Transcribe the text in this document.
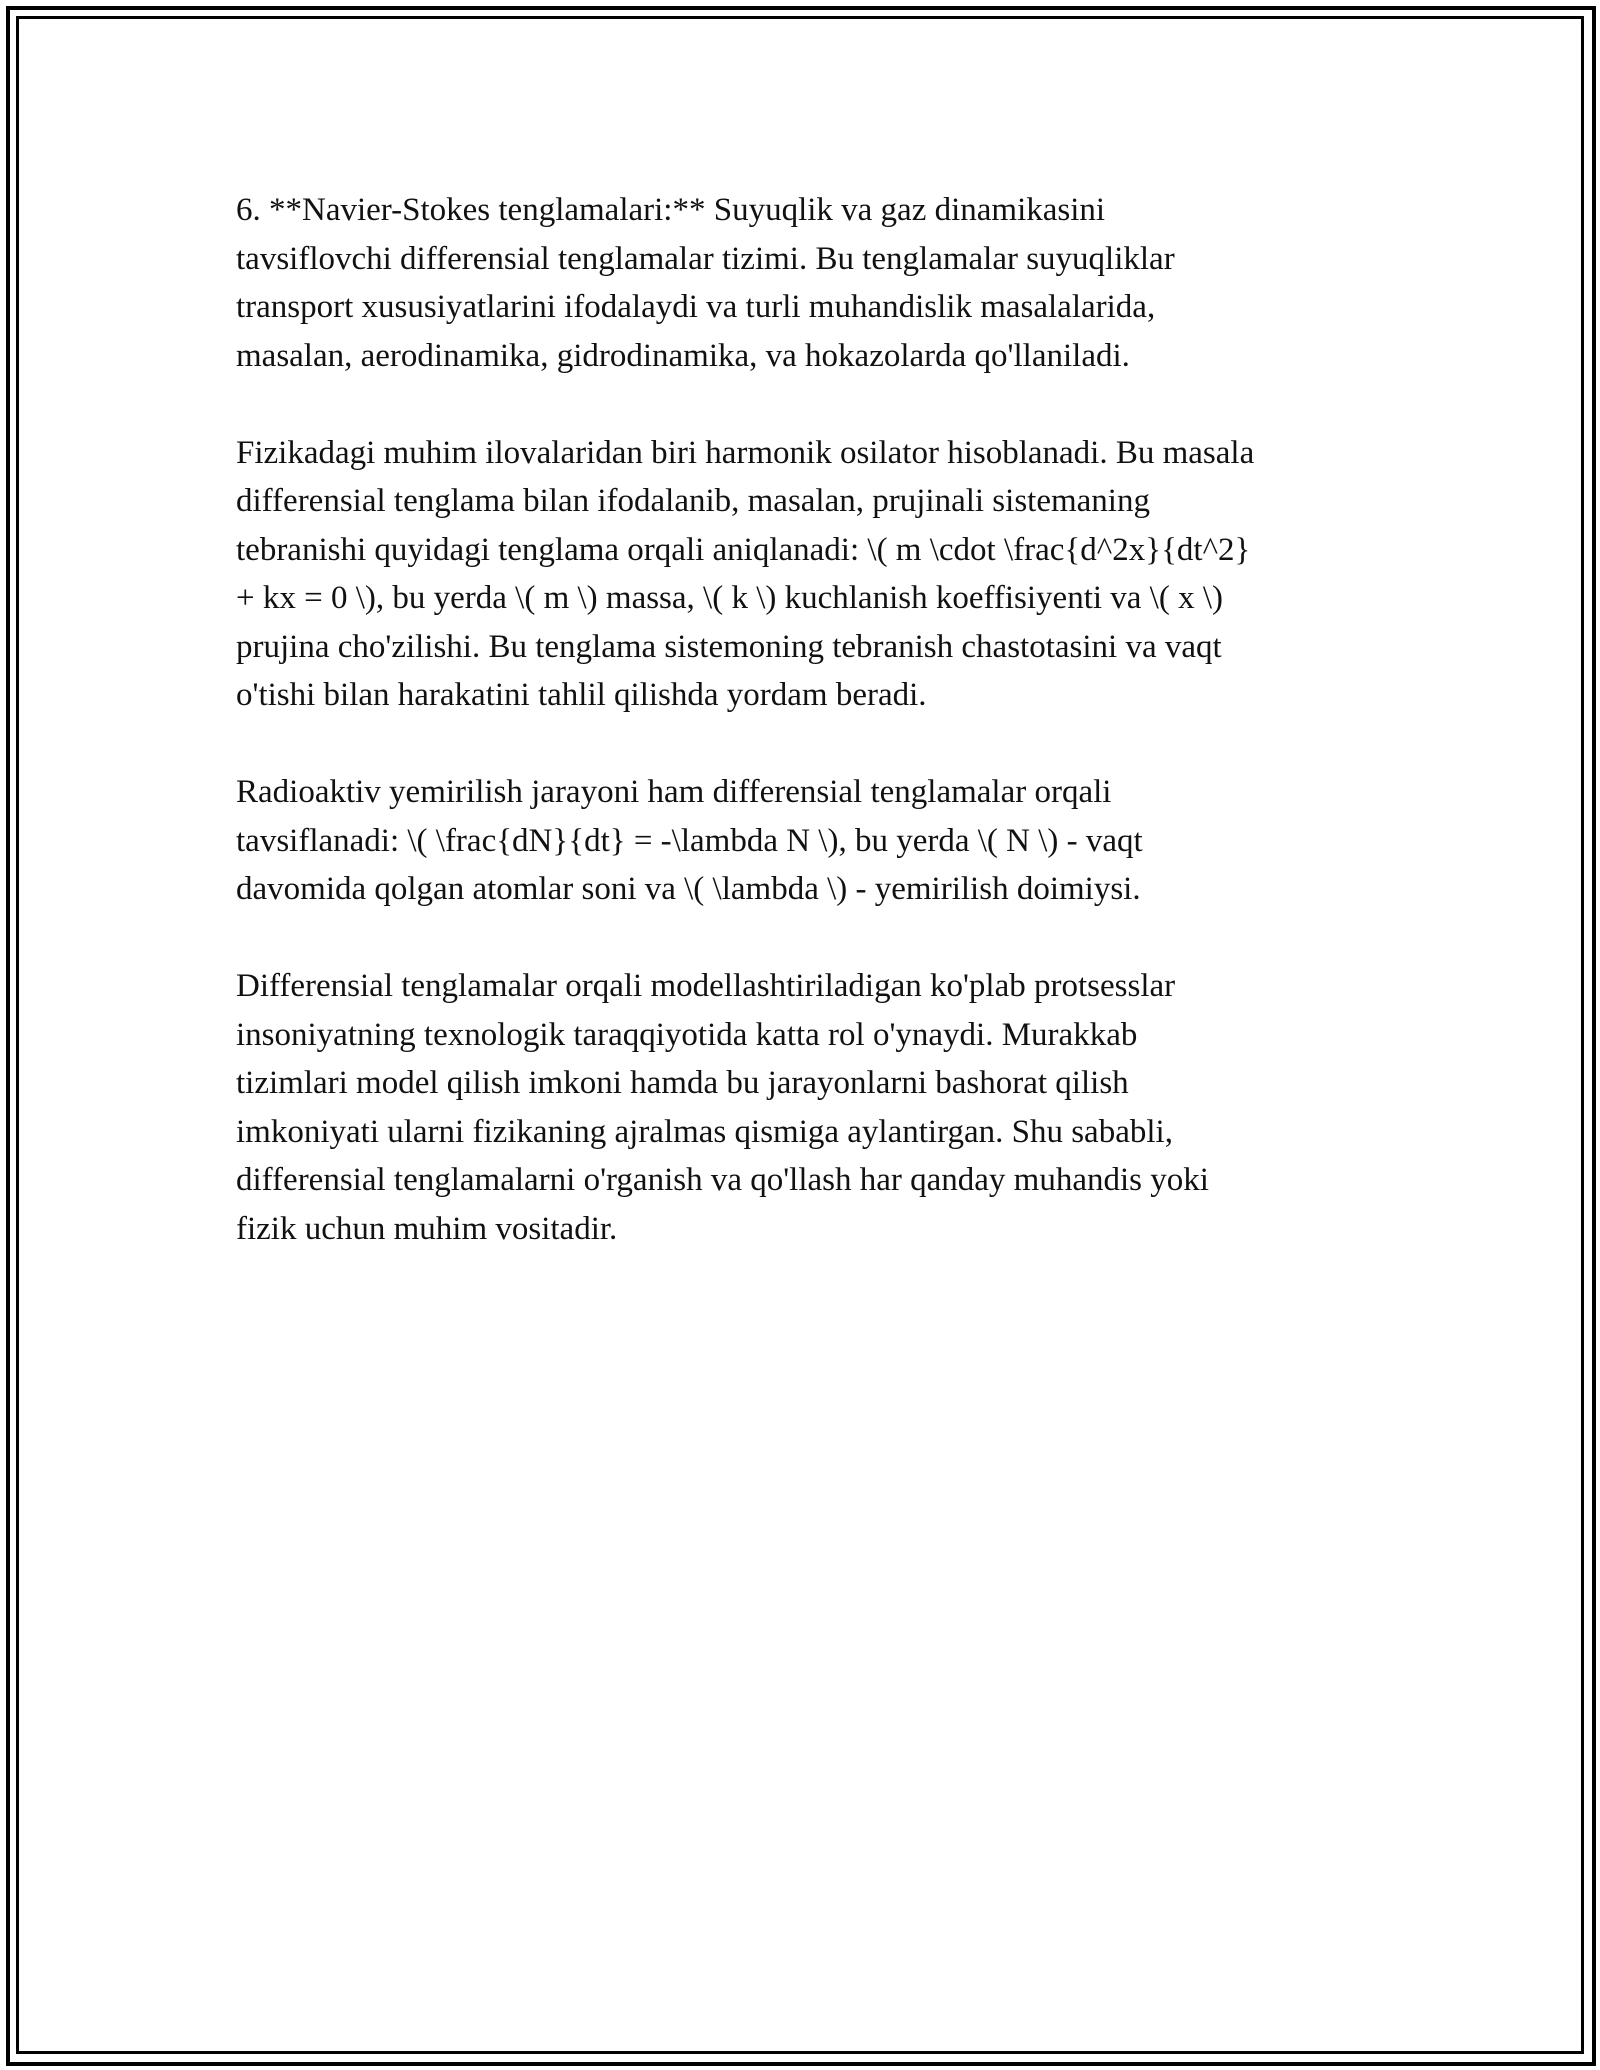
6. **Navier-Stokes tenglamalari:** Suyuqlik va gaz dinamikasini
tavsiflovchi differensial tenglamalar tizimi. Bu tenglamalar suyuqliklar
transport xususiyatlarini ifodalaydi va turli muhandislik masalalarida,
masalan, aerodinamika, gidrodinamika, va hokazolarda qo'llaniladi.

Fizikadagi muhim ilovalaridan biri harmonik osilator hisoblanadi. Bu masala
differensial tenglama bilan ifodalanib, masalan, prujinali sistemaning
tebranishi quyidagi tenglama orqali aniqlanadi: \( m \cdot \frac{d^2x}{dt^2}
+ kx = 0 \), bu yerda \( m \) massa, \( k \) kuchlanish koeffisiyenti va \( x \)
prujina cho'zilishi. Bu tenglama sistemoning tebranish chastotasini va vaqt
o'tishi bilan harakatini tahlil qilishda yordam beradi.

Radioaktiv yemirilish jarayoni ham differensial tenglamalar orqali
tavsiflanadi: \( \frac{dN}{dt} = -\lambda N \), bu yerda \( N \) - vaqt
davomida qolgan atomlar soni va \( \lambda \) - yemirilish doimiysi.

Differensial tenglamalar orqali modellashtiriladigan ko'plab protsesslar
insoniyatning texnologik taraqqiyotida katta rol o'ynaydi. Murakkab
tizimlari model qilish imkoni hamda bu jarayonlarni bashorat qilish
imkoniyati ularni fizikaning ajralmas qismiga aylantirgan. Shu sababli,
differensial tenglamalarni o'rganish va qo'llash har qanday muhandis yoki
fizik uchun muhim vositadir.
